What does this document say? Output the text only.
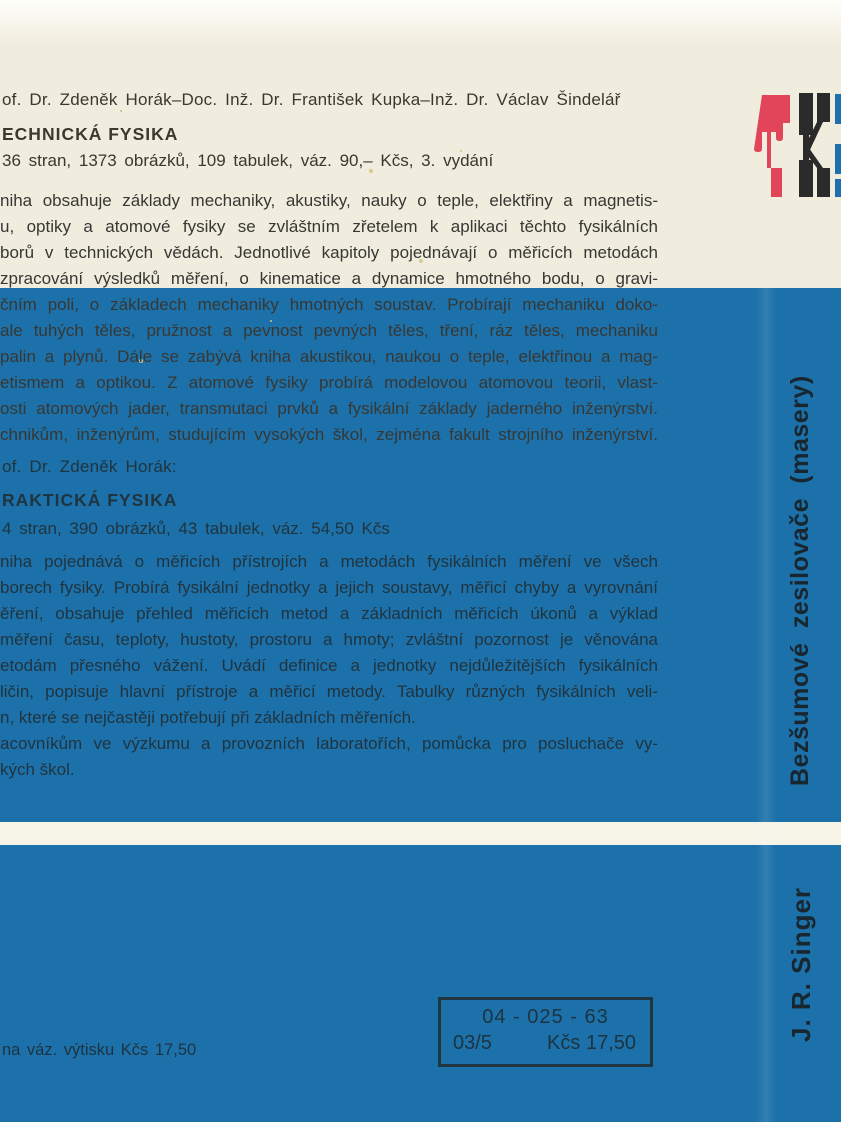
of. Dr. Zdeněk Horák–Doc. Inž. Dr. František Kupka–Inž. Dr. Václav Šindelář
ECHNICKÁ FYSIKA
36 stran, 1373 obrázků, 109 tabulek, váz. 90,– Kčs, 3. vydání
niha obsahuje základy mechaniky, akustiky, nauky o teple, elektřiny a magnetis-
u, optiky a atomové fysiky se zvláštním zřetelem k aplikaci těchto fysikálních
borů v technických vědách. Jednotlivé kapitoly pojednávají o měřicích metodách
zpracování výsledků měření, o kinematice a dynamice hmotného bodu, o gravi-
čním poli, o základech mechaniky hmotných soustav. Probírají mechaniku doko-
ale tuhých těles, pružnost a pevnost pevných těles, tření, ráz těles, mechaniku
palin a plynů. Dále se zabývá kniha akustikou, naukou o teple, elektřinou a mag-
etismem a optikou. Z atomové fysiky probírá modelovou atomovou teorii, vlast-
osti atomových jader, transmutaci prvků a fysikální základy jaderného inženýrství.
chnikům, inženýrům, studujícím vysokých škol, zejména fakult strojního inženýrství.
of. Dr. Zdeněk Horák:
RAKTICKÁ FYSIKA
4 stran, 390 obrázků, 43 tabulek, váz. 54,50 Kčs
niha pojednává o měřicích přístrojích a metodách fysikálních měření ve všech
borech fysiky. Probírá fysikální jednotky a jejich soustavy, měřicí chyby a vyrovnání
ěření, obsahuje přehled měřicích metod a základních měřicích úkonů a výklad
měření času, teploty, hustoty, prostoru a hmoty; zvláštní pozornost je věnována
etodám přesného vážení. Uvádí definice a jednotky nejdůležitějších fysikálních
ličin, popisuje hlavní přístroje a měřicí metody. Tabulky různých fysikálních veli-
n, které se nejčastěji potřebují při základních měřeních.
acovníkům ve výzkumu a provozních laboratořích, pomůcka pro posluchače vy-
kých škol.	Bezšumové zesilovače (masery)
J. R. Singer
na váz. výtisku Kčs 17,50
04 - 025 - 63
03/5	Kčs 17,50
